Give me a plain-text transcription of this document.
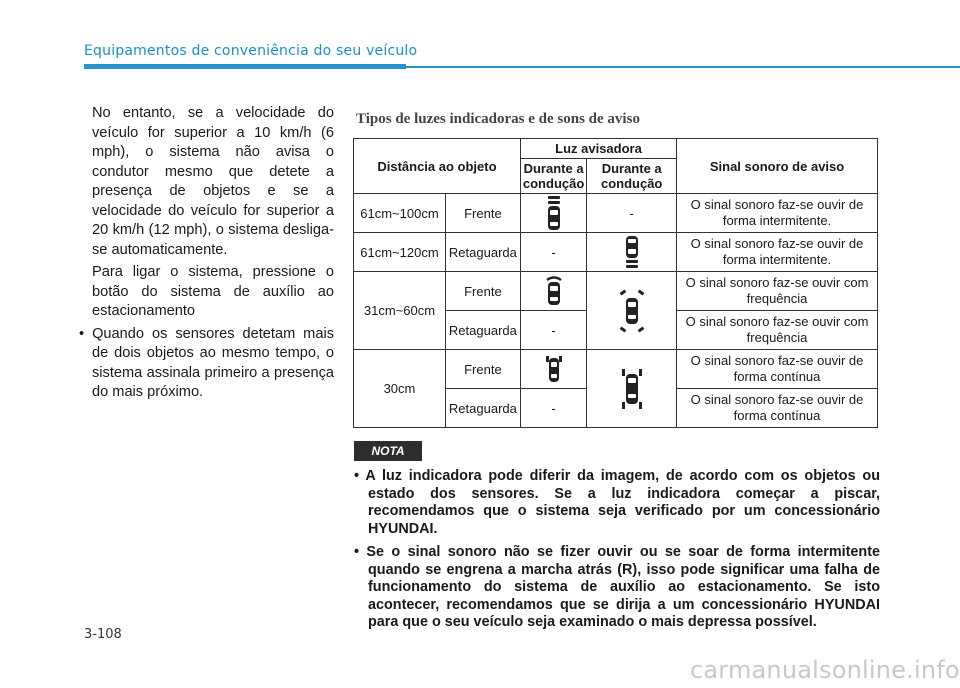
Equipamentos de conveniência do seu veículo

No entanto, se a velocidade do veículo for superior a 10 km/h (6 mph), o sistema não avisa o condutor mesmo que detete a presença de objetos e se a velocidade do veículo for superior a 20 km/h (12 mph), o sistema desliga-se automaticamente.

Para ligar o sistema, pressione o botão do sistema de auxílio ao estacionamento

• Quando os sensores detetam mais de dois objetos ao mesmo tempo, o sistema assinala primeiro a presença do mais próximo.

Tipos de luzes indicadoras e de sons de aviso
Distância ao objeto		Luz avisadora		Sinal sonoro de aviso
		Durante a condução	Durante a condução	
61cm~100cm	Frente		-	O sinal sonoro faz-se ouvir de forma intermitente.
61cm~120cm	Retaguarda	-		O sinal sonoro faz-se ouvir de forma intermitente.
31cm~60cm	Frente			O sinal sonoro faz-se ouvir com frequência
	Retaguarda	-		O sinal sonoro faz-se ouvir com frequência
30cm	Frente			O sinal sonoro faz-se ouvir de forma contínua
	Retaguarda	-		O sinal sonoro faz-se ouvir de forma contínua
NOTA

• A luz indicadora pode diferir da imagem, de acordo com os objetos ou estado dos sensores. Se a luz indicadora começar a piscar, recomendamos que o sistema seja verificado por um concessionário HYUNDAI.

• Se o sinal sonoro não se fizer ouvir ou se soar de forma intermitente quando se engrena a marcha atrás (R), isso pode significar uma falha de funcionamento do sistema de auxílio ao estacionamento. Se isto acontecer, recomendamos que se dirija a um concessionário HYUNDAI para que o seu veículo seja examinado o mais depressa possível.

3-108
carmanualsonline.info
